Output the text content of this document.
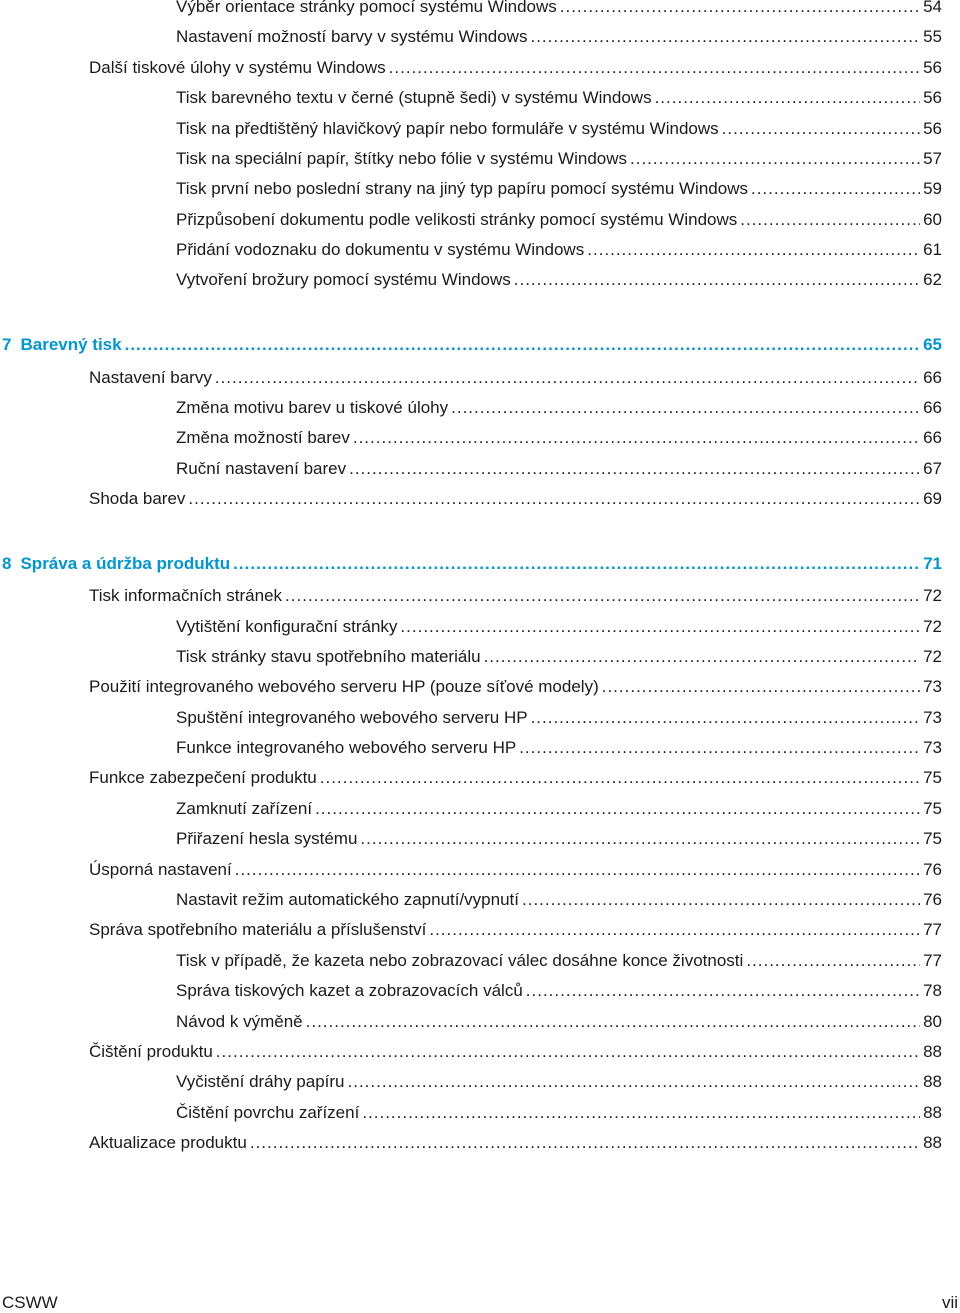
Výběr orientace stránky pomocí systému Windows .....	54
Nastavení možností barvy v systému Windows .....	55
Další tiskové úlohy v systému Windows .....	56
Tisk barevného textu v černé (stupně šedi) v systému Windows .....	56
Tisk na předtištěný hlavičkový papír nebo formuláře v systému Windows .....	56
Tisk na speciální papír, štítky nebo fólie v systému Windows .....	57
Tisk první nebo poslední strany na jiný typ papíru pomocí systému Windows .....	59
Přizpůsobení dokumentu podle velikosti stránky pomocí systému Windows .....	60
Přidání vodoznaku do dokumentu v systému Windows .....	61
Vytvoření brožury pomocí systému Windows .....	62
7 Barevný tisk .....	65
Nastavení barvy .....	66
Změna motivu barev u tiskové úlohy .....	66
Změna možností barev .....	66
Ruční nastavení barev .....	67
Shoda barev .....	69
8 Správa a údržba produktu .....	71
Tisk informačních stránek .....	72
Vytištění konfigurační stránky .....	72
Tisk stránky stavu spotřebního materiálu .....	72
Použití integrovaného webového serveru HP (pouze síťové modely) .....	73
Spuštění integrovaného webového serveru HP .....	73
Funkce integrovaného webového serveru HP .....	73
Funkce zabezpečení produktu .....	75
Zamknutí zařízení .....	75
Přiřazení hesla systému .....	75
Úsporná nastavení .....	76
Nastavit režim automatického zapnutí/vypnutí .....	76
Správa spotřebního materiálu a příslušenství .....	77
Tisk v případě, že kazeta nebo zobrazovací válec dosáhne konce životnosti .....	77
Správa tiskových kazet a zobrazovacích válců .....	78
Návod k výměně .....	80
Čištění produktu .....	88
Vyčistění dráhy papíru .....	88
Čištění povrchu zařízení .....	88
Aktualizace produktu .....	88
CSWW	vii
